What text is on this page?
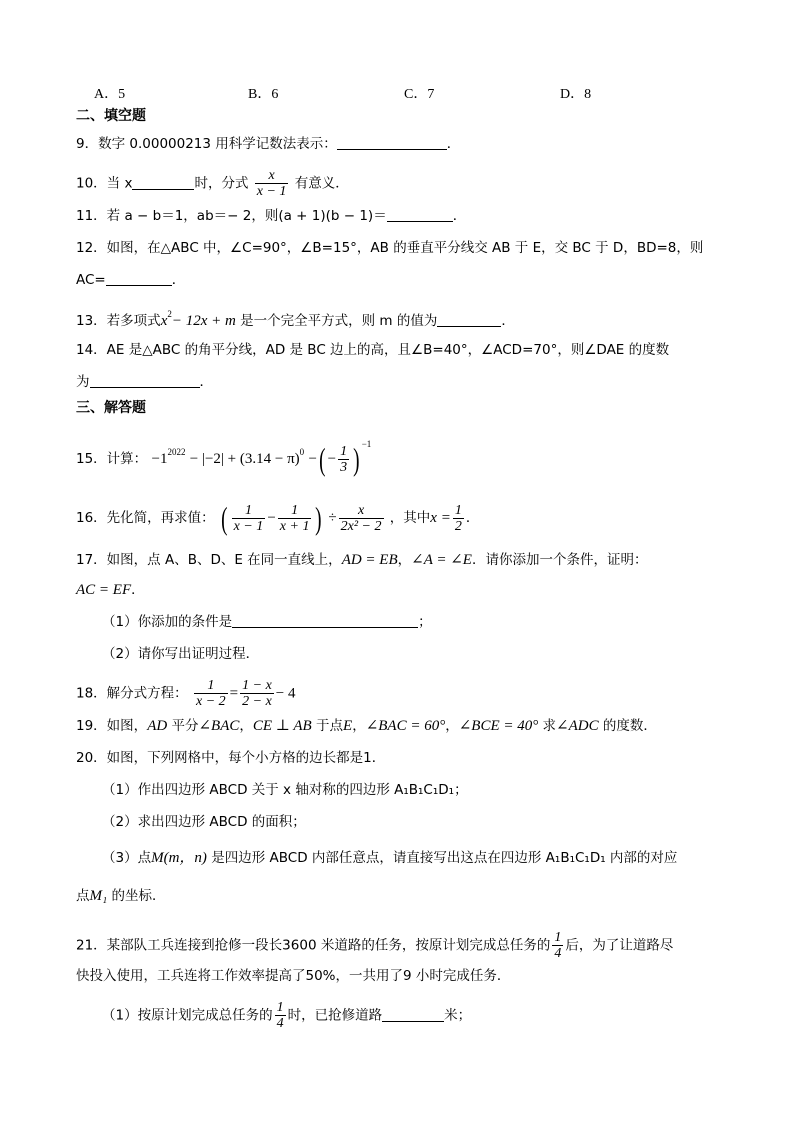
A．5	B．6	C．7	D．8
二、填空题
9．数字 0.00000213 用科学记数法表示：	．
10．当 x	时，分式 $\frac{x}{x - 1}$ 有意义．
11．若 a − b＝1，ab＝− 2，则(a + 1)(b − 1)＝	．
12．如图，在△ABC 中，∠C=90°，∠B=15°，AB 的垂直平分线交 AB 于 E，交 BC 于 D，BD=8，则
AC=	．
13．若多项式$x^2- 12x + m$ 是一个完全平方式，则 m 的值为	．
14．AE 是△ABC 的角平分线，AD 是 BC 边上的高，且∠B=40°，∠ACD=70°，则∠DAE 的度数
为	．
三、解答题
15．计算： $-1^{2022} - |-2| + (3.14 - \pi)^0$ −( − $\frac{1}{3}$ ) $^{-1}$
16．先化简，再求值： ( $\frac{1}{x - 1} - \frac{1}{x + 1}$ ) ÷ $\frac{x}{\text{2x² − 2}}$ ，其中$x = \frac{1}{2}$ ．
17．如图，点 A、B、D、E 在同一直线上，AD = EB，∠A = ∠E．请你添加一个条件，证明：
AC = EF．
（1）你添加的条件是	；
（2）请你写出证明过程．
18．解分式方程： $\frac{1}{x - 2} = \frac{1 - x}{2 - x} - 4$
19．如图，AD 平分∠BAC，CE ⊥ AB 于点E，∠BAC = 60°，∠BCE = 40° 求∠ADC 的度数．
20．如图，下列网格中，每个小方格的边长都是1．
（1）作出四边形 ABCD 关于 x 轴对称的四边形 A₁B₁C₁D₁；
（2）求出四边形 ABCD 的面积；
（3）点M(m，n) 是四边形 ABCD 内部任意点，请直接写出这点在四边形 A₁B₁C₁D₁ 内部的对应
点M₁ 的坐标．
21．某部队工兵连接到抢修一段长3600 米道路的任务，按原计划完成总任务的 $\frac{1}{4}$ 后，为了让道路尽
快投入使用，工兵连将工作效率提高了50%，一共用了9 小时完成任务．
（1）按原计划完成总任务的 $\frac{1}{4}$ 时，已抢修道路	米；
